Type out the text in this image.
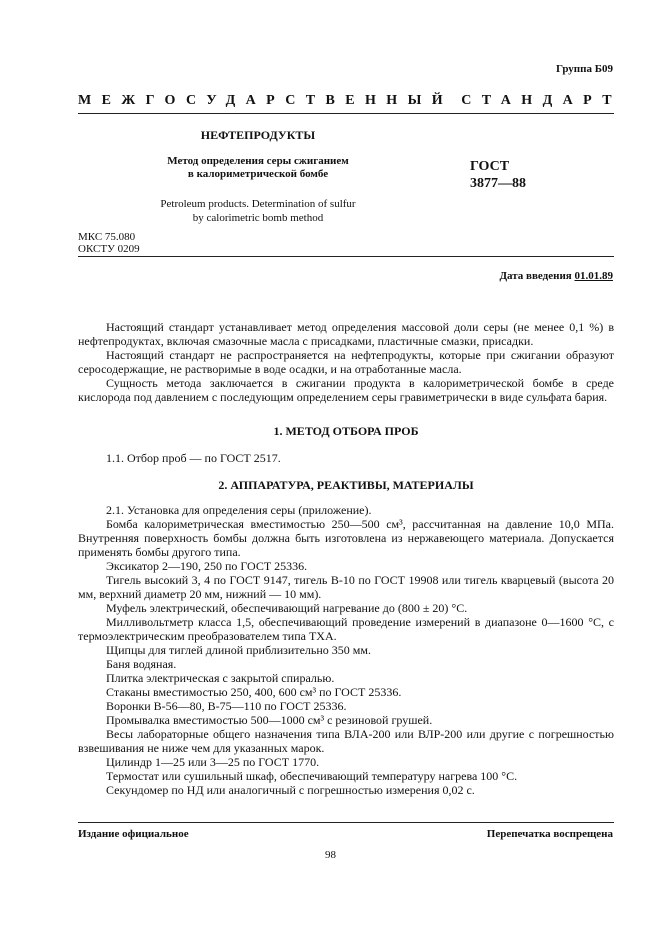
Группа Б09
МЕЖГОСУДАРСТВЕННЫЙ СТАНДАРТ
НЕФТЕПРОДУКТЫ
Метод определения серы сжиганием
в калориметрической бомбе
Petroleum products. Determination of sulfur
by calorimetric bomb method
ГОСТ
3877—88
МКС 75.080
ОКСТУ 0209
Дата введения 01.01.89

Настоящий стандарт устанавливает метод определения массовой доли серы (не менее 0,1 %) в нефтепродуктах, включая смазочные масла с присадками, пластичные смазки, присадки.

Настоящий стандарт не распространяется на нефтепродукты, которые при сжигании образуют серосодержащие, не растворимые в воде осадки, и на отработанные масла.

Сущность метода заключается в сжигании продукта в калориметрической бомбе в среде кислорода под давлением с последующим определением серы гравиметрически в виде сульфата бария.

1. МЕТОД ОТБОРА ПРОБ

1.1. Отбор проб — по ГОСТ 2517.

2. АППАРАТУРА, РЕАКТИВЫ, МАТЕРИАЛЫ

2.1. Установка для определения серы (приложение).

Бомба калориметрическая вместимостью 250—500 см³, рассчитанная на давление 10,0 МПа. Внутренняя поверхность бомбы должна быть изготовлена из нержавеющего материала. Допускается применять бомбы другого типа.

Эксикатор 2—190, 250 по ГОСТ 25336.

Тигель высокий 3, 4 по ГОСТ 9147, тигель В-10 по ГОСТ 19908 или тигель кварцевый (высота 20 мм, верхний диаметр 20 мм, нижний — 10 мм).

Муфель электрический, обеспечивающий нагревание до (800 ± 20) °С.

Милливольтметр класса 1,5, обеспечивающий проведение измерений в диапазоне 0—1600 °С, с термоэлектрическим преобразователем типа ТХА.

Щипцы для тиглей длиной приблизительно 350 мм.

Баня водяная.

Плитка электрическая с закрытой спиралью.

Стаканы вместимостью 250, 400, 600 см³ по ГОСТ 25336.

Воронки В-56—80, В-75—110 по ГОСТ 25336.

Промывалка вместимостью 500—1000 см³ с резиновой грушей.

Весы лабораторные общего назначения типа ВЛА-200 или ВЛР-200 или другие с погрешностью взвешивания не ниже чем для указанных марок.

Цилиндр 1—25 или 3—25 по ГОСТ 1770.

Термостат или сушильный шкаф, обеспечивающий температуру нагрева 100 °С.

Секундомер по НД или аналогичный с погрешностью измерения 0,02 с.

Издание официальное	Перепечатка воспрещена
98
